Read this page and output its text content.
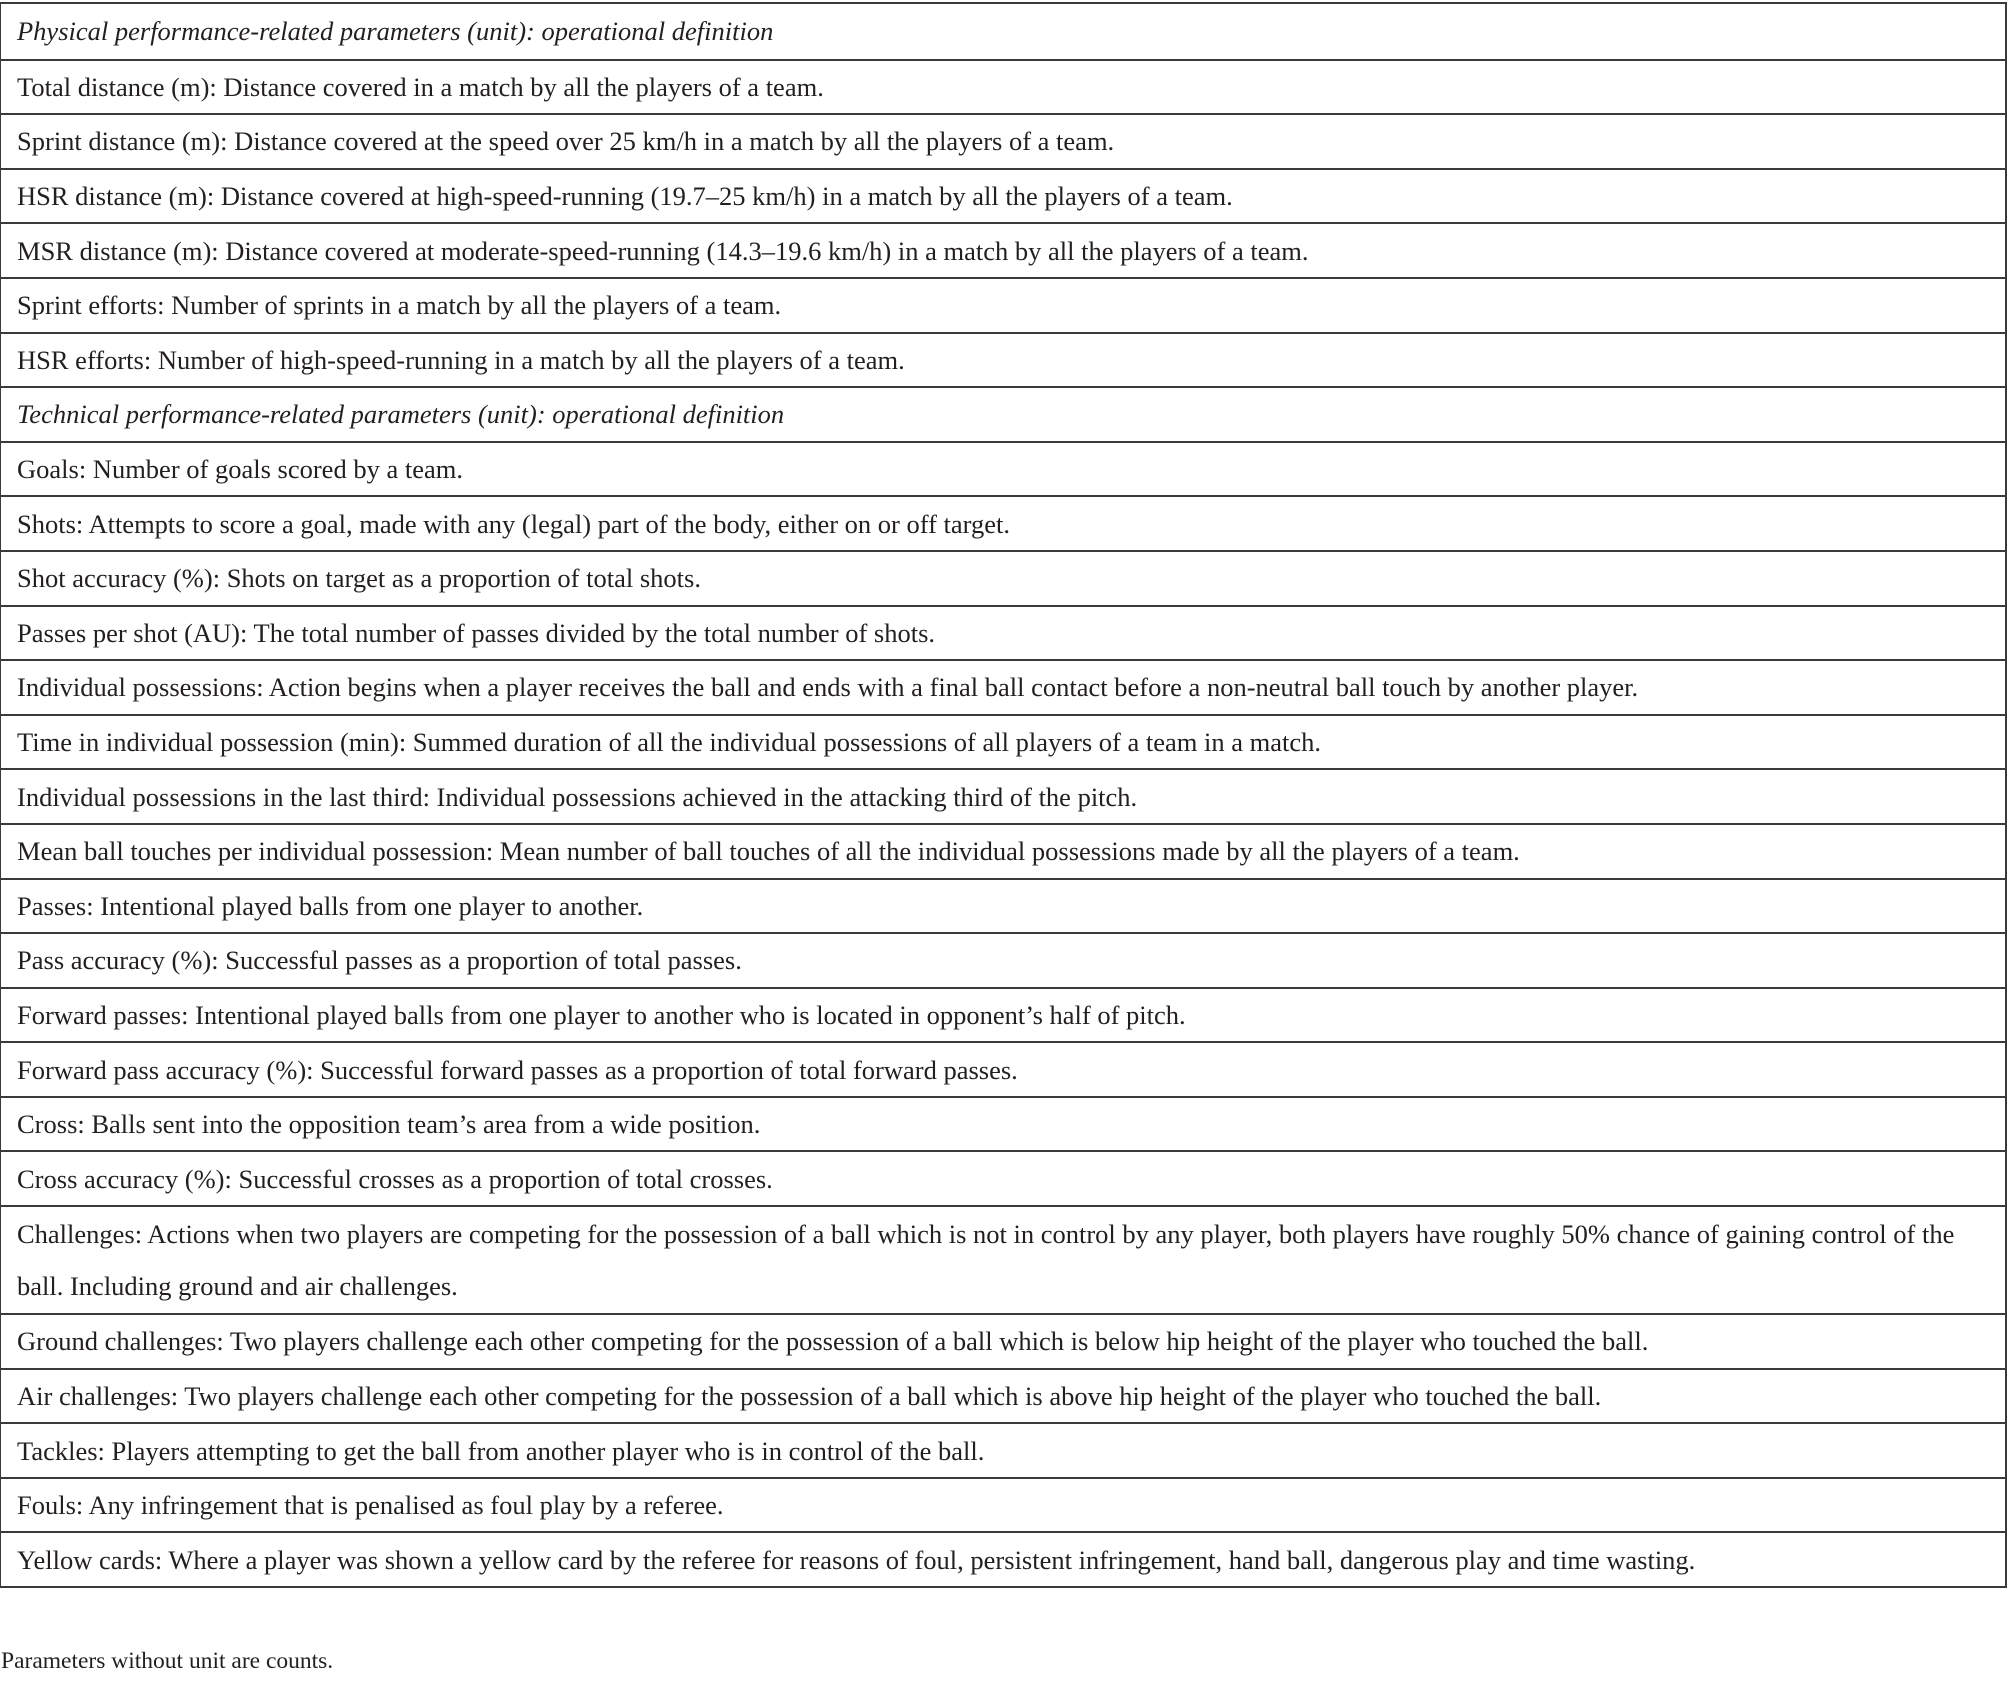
Physical performance-related parameters (unit): operational definition
Total distance (m): Distance covered in a match by all the players of a team.
Sprint distance (m): Distance covered at the speed over 25 km/h in a match by all the players of a team.
HSR distance (m): Distance covered at high-speed-running (19.7–25 km/h) in a match by all the players of a team.
MSR distance (m): Distance covered at moderate-speed-running (14.3–19.6 km/h) in a match by all the players of a team.
Sprint efforts: Number of sprints in a match by all the players of a team.
HSR efforts: Number of high-speed-running in a match by all the players of a team.
Technical performance-related parameters (unit): operational definition
Goals: Number of goals scored by a team.
Shots: Attempts to score a goal, made with any (legal) part of the body, either on or off target.
Shot accuracy (%): Shots on target as a proportion of total shots.
Passes per shot (AU): The total number of passes divided by the total number of shots.
Individual possessions: Action begins when a player receives the ball and ends with a final ball contact before a non-neutral ball touch by another player.
Time in individual possession (min): Summed duration of all the individual possessions of all players of a team in a match.
Individual possessions in the last third: Individual possessions achieved in the attacking third of the pitch.
Mean ball touches per individual possession: Mean number of ball touches of all the individual possessions made by all the players of a team.
Passes: Intentional played balls from one player to another.
Pass accuracy (%): Successful passes as a proportion of total passes.
Forward passes: Intentional played balls from one player to another who is located in opponent’s half of pitch.
Forward pass accuracy (%): Successful forward passes as a proportion of total forward passes.
Cross: Balls sent into the opposition team’s area from a wide position.
Cross accuracy (%): Successful crosses as a proportion of total crosses.
Challenges: Actions when two players are competing for the possession of a ball which is not in control by any player, both players have roughly 50% chance of gaining control of the ball. Including ground and air challenges.
Ground challenges: Two players challenge each other competing for the possession of a ball which is below hip height of the player who touched the ball.
Air challenges: Two players challenge each other competing for the possession of a ball which is above hip height of the player who touched the ball.
Tackles: Players attempting to get the ball from another player who is in control of the ball.
Fouls: Any infringement that is penalised as foul play by a referee.
Yellow cards: Where a player was shown a yellow card by the referee for reasons of foul, persistent infringement, hand ball, dangerous play and time wasting.
Parameters without unit are counts.
